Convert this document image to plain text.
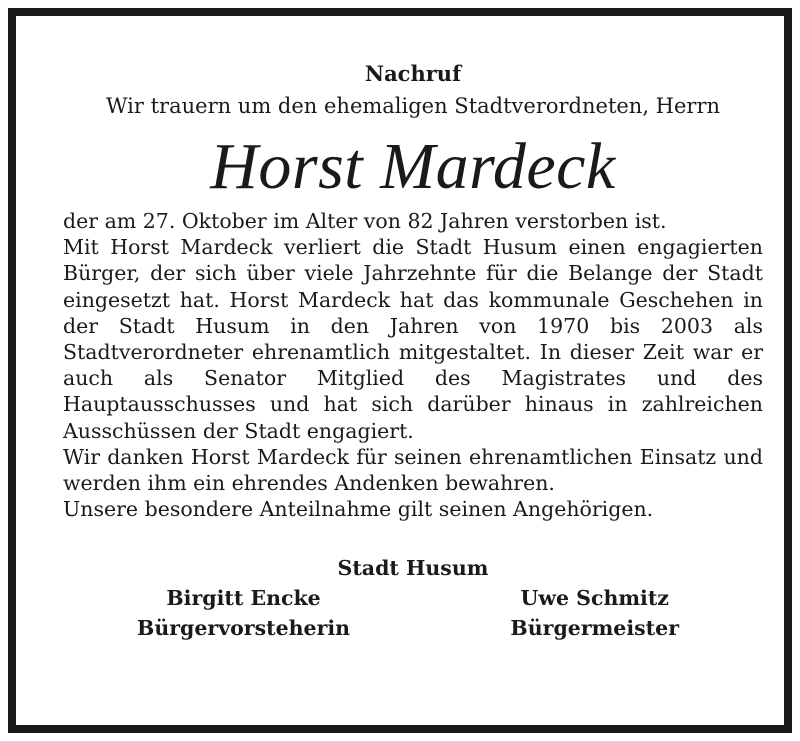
Nachruf
Wir trauern um den ehemaligen Stadtverordneten, Herrn
Horst Mardeck

der am 27. Oktober im Alter von 82 Jahren verstorben ist.

Mit Horst Mardeck verliert die Stadt Husum einen engagierten Bürger, der sich über viele Jahrzehnte für die Belange der Stadt eingesetzt hat. Horst Mardeck hat das kommunale Geschehen in der Stadt Husum in den Jahren von 1970 bis 2003 als Stadtverordneter ehrenamtlich mitgestaltet. In dieser Zeit war er auch als Senator Mitglied des Magistrates und des Hauptausschusses und hat sich darüber hinaus in zahlreichen Ausschüssen der Stadt engagiert.

Wir danken Horst Mardeck für seinen ehrenamtlichen Einsatz und werden ihm ein ehrendes Andenken bewahren.

Unsere besondere Anteilnahme gilt seinen Angehörigen.

Stadt Husum
Birgitt Encke
Bürgervorsteherin
Uwe Schmitz
Bürgermeister
